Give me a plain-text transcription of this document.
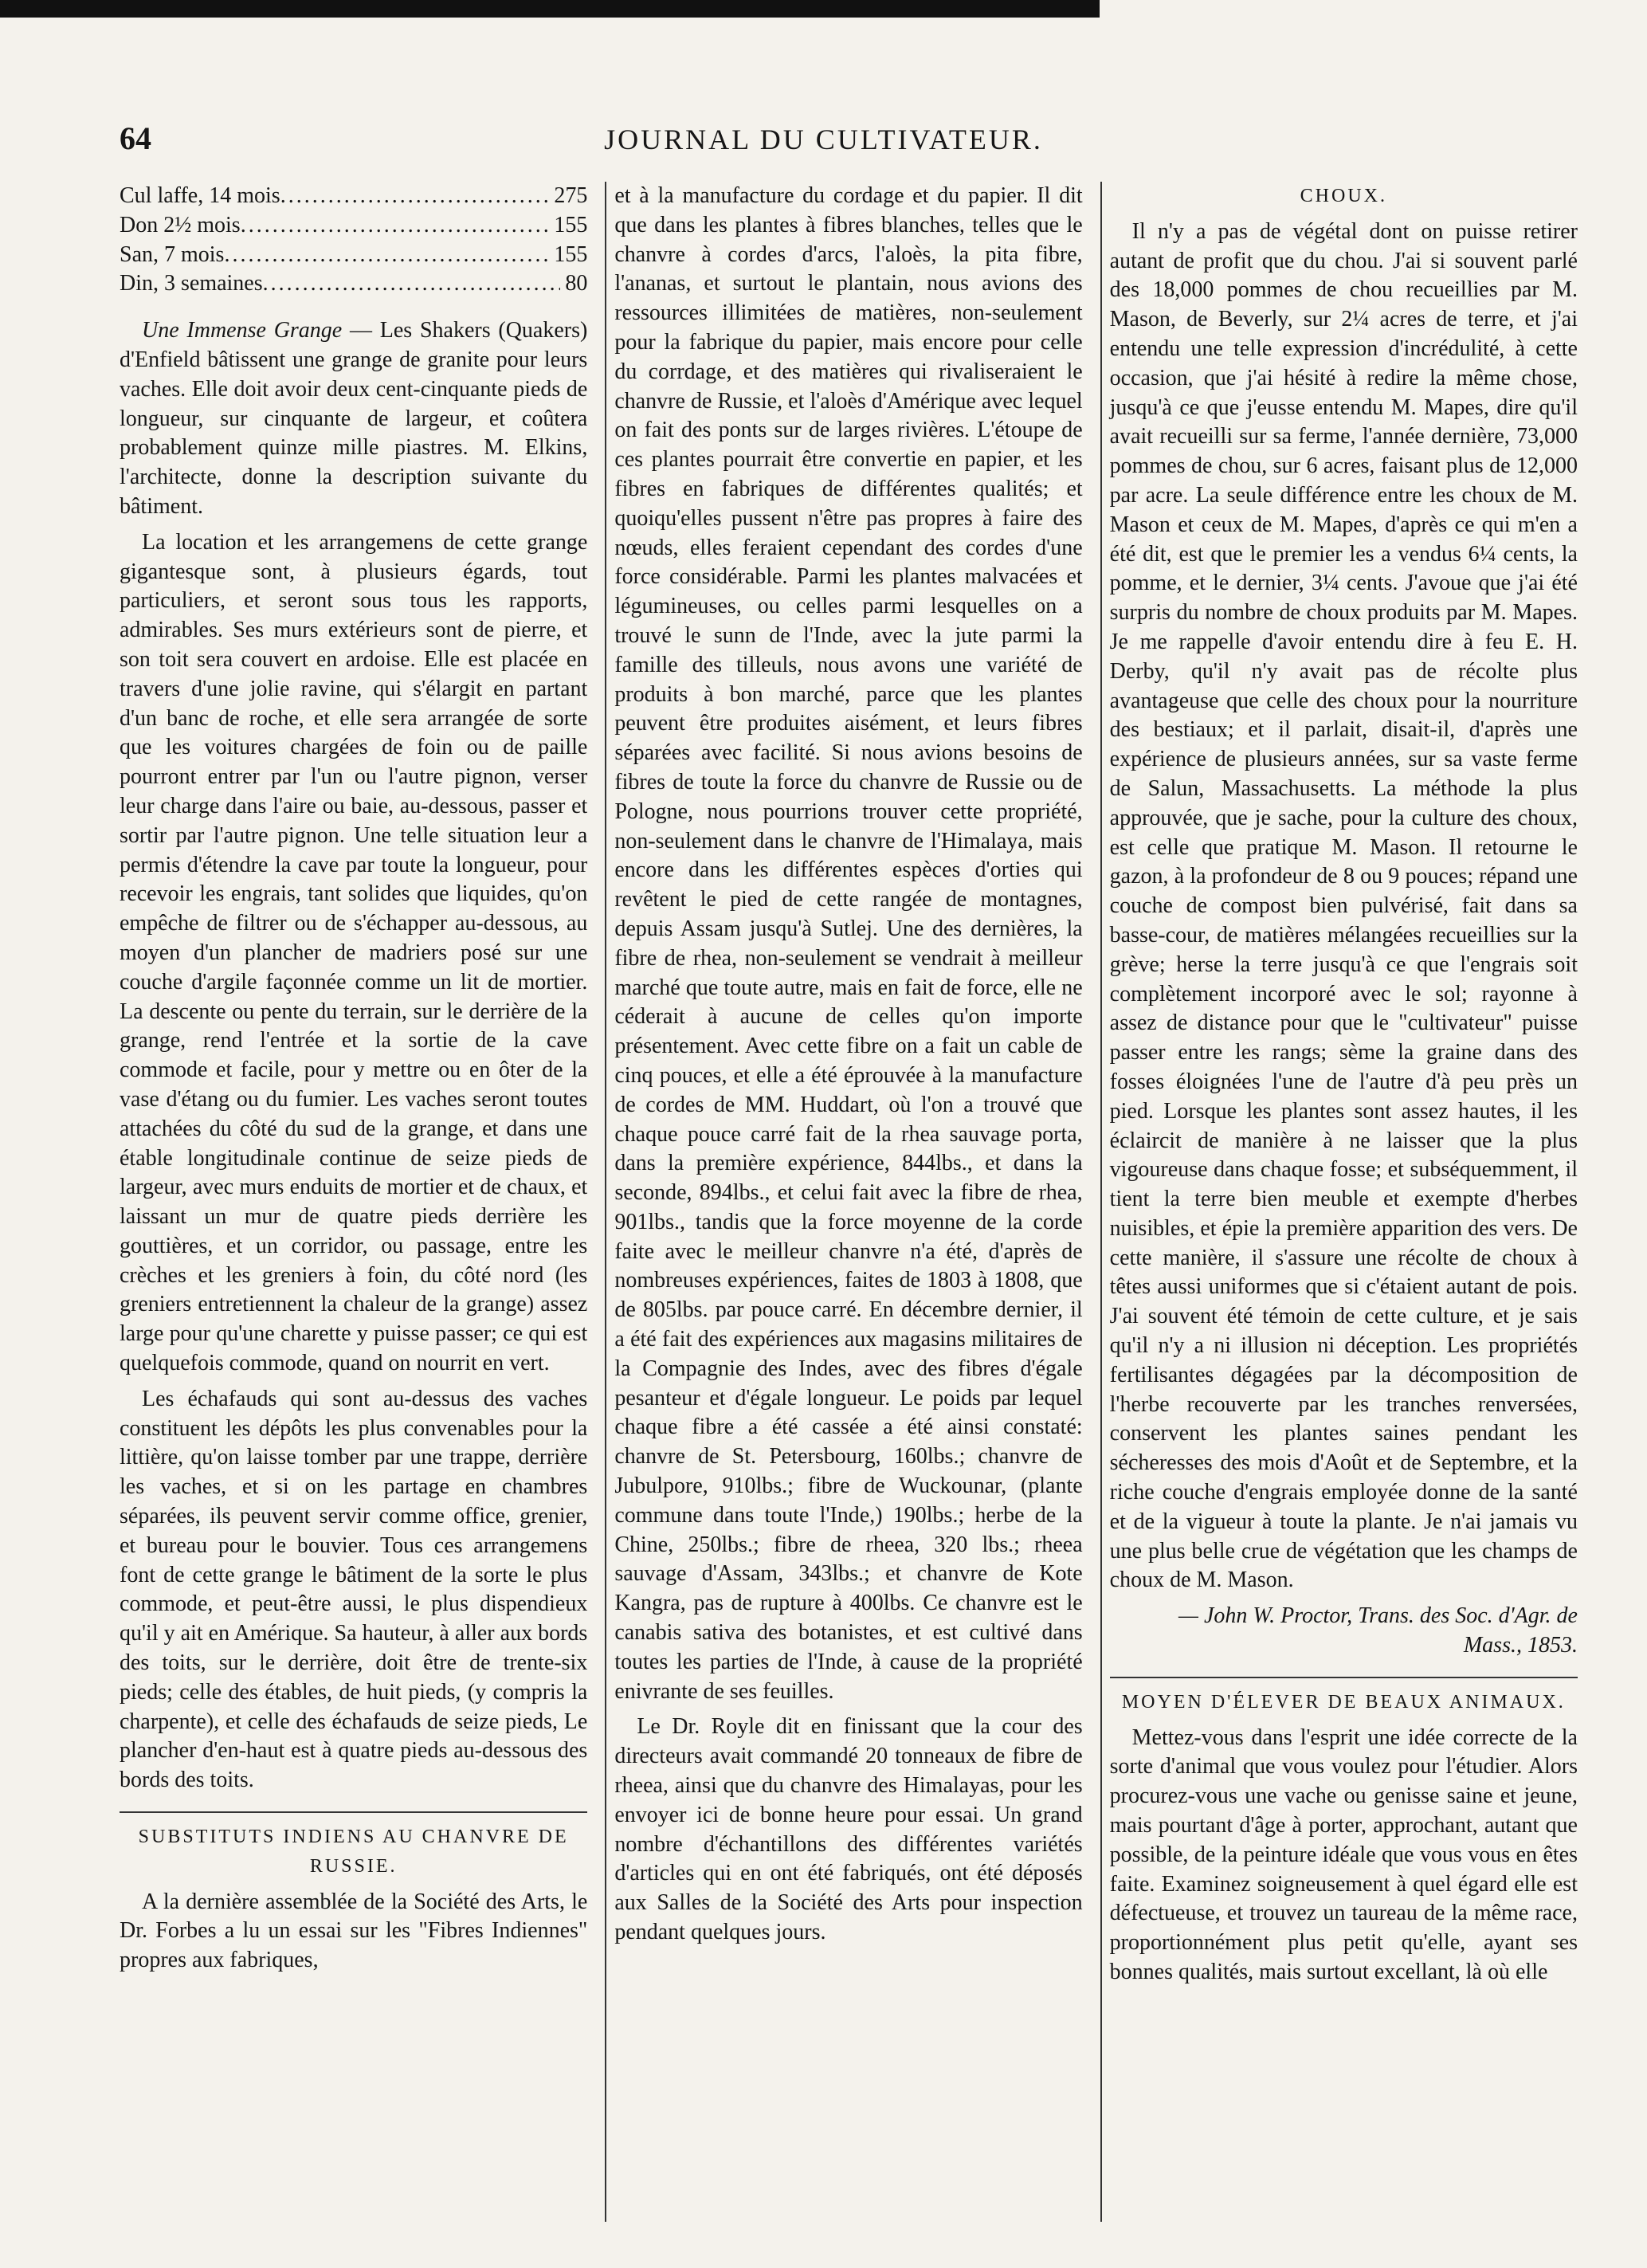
64	JOURNAL DU CULTIVATEUR.
Cul laffe, 14 mois .....	275
Don 2½ mois .....	155
San, 7 mois .....	155
Din, 3 semaines .....	80

Une Immense Grange — Les Shakers (Quakers) d'Enfield bâtissent une grange de granite pour leurs vaches. Elle doit avoir deux cent-cinquante pieds de longueur, sur cinquante de largeur, et coûtera probablement quinze mille piastres. M. Elkins, l'architecte, donne la description suivante du bâtiment.

La location et les arrangemens de cette grange gigantesque sont, à plusieurs égards, tout particuliers, et seront sous tous les rapports, admirables. Ses murs extérieurs sont de pierre, et son toit sera couvert en ardoise. Elle est placée en travers d'une jolie ravine, qui s'élargit en partant d'un banc de roche, et elle sera arrangée de sorte que les voitures chargées de foin ou de paille pourront entrer par l'un ou l'autre pignon, verser leur charge dans l'aire ou baie, au-dessous, passer et sortir par l'autre pignon. Une telle situation leur a permis d'étendre la cave par toute la longueur, pour recevoir les engrais, tant solides que liquides, qu'on empêche de filtrer ou de s'échapper au-dessous, au moyen d'un plancher de madriers posé sur une couche d'argile façonnée comme un lit de mortier. La descente ou pente du terrain, sur le derrière de la grange, rend l'entrée et la sortie de la cave commode et facile, pour y mettre ou en ôter de la vase d'étang ou du fumier. Les vaches seront toutes attachées du côté du sud de la grange, et dans une étable longitudinale continue de seize pieds de largeur, avec murs enduits de mortier et de chaux, et laissant un mur de quatre pieds derrière les gouttières, et un corridor, ou passage, entre les crèches et les greniers à foin, du côté nord (les greniers entretiennent la chaleur de la grange) assez large pour qu'une charette y puisse passer; ce qui est quelquefois commode, quand on nourrit en vert.

Les échafauds qui sont au-dessus des vaches constituent les dépôts les plus convenables pour la littière, qu'on laisse tomber par une trappe, derrière les vaches, et si on les partage en chambres séparées, ils peuvent servir comme office, grenier, et bureau pour le bouvier. Tous ces arrangemens font de cette grange le bâtiment de la sorte le plus commode, et peut-être aussi, le plus dispendieux qu'il y ait en Amérique. Sa hauteur, à aller aux bords des toits, sur le derrière, doit être de trente-six pieds; celle des étables, de huit pieds, (y compris la charpente), et celle des échafauds de seize pieds, Le plancher d'en-haut est à quatre pieds au-dessous des bords des toits.

SUBSTITUTS INDIENS AU CHANVRE DE RUSSIE.

A la dernière assemblée de la Société des Arts, le Dr. Forbes a lu un essai sur les "Fibres Indiennes" propres aux fabriques,

et à la manufacture du cordage et du papier. Il dit que dans les plantes à fibres blanches, telles que le chanvre à cordes d'arcs, l'aloès, la pita fibre, l'ananas, et surtout le plantain, nous avions des ressources illimitées de matières, non-seulement pour la fabrique du papier, mais encore pour celle du corrdage, et des matières qui rivaliseraient le chanvre de Russie, et l'aloès d'Amérique avec lequel on fait des ponts sur de larges rivières. L'étoupe de ces plantes pourrait être convertie en papier, et les fibres en fabriques de différentes qualités; et quoiqu'elles pussent n'être pas propres à faire des nœuds, elles feraient cependant des cordes d'une force considérable. Parmi les plantes malvacées et légumineuses, ou celles parmi lesquelles on a trouvé le sunn de l'Inde, avec la jute parmi la famille des tilleuls, nous avons une variété de produits à bon marché, parce que les plantes peuvent être produites aisément, et leurs fibres séparées avec facilité. Si nous avions besoins de fibres de toute la force du chanvre de Russie ou de Pologne, nous pourrions trouver cette propriété, non-seulement dans le chanvre de l'Himalaya, mais encore dans les différentes espèces d'orties qui revêtent le pied de cette rangée de montagnes, depuis Assam jusqu'à Sutlej. Une des dernières, la fibre de rhea, non-seulement se vendrait à meilleur marché que toute autre, mais en fait de force, elle ne céderait à aucune de celles qu'on importe présentement. Avec cette fibre on a fait un cable de cinq pouces, et elle a été éprouvée à la manufacture de cordes de MM. Huddart, où l'on a trouvé que chaque pouce carré fait de la rhea sauvage porta, dans la première expérience, 844lbs., et dans la seconde, 894lbs., et celui fait avec la fibre de rhea, 901lbs., tandis que la force moyenne de la corde faite avec le meilleur chanvre n'a été, d'après de nombreuses expériences, faites de 1803 à 1808, que de 805lbs. par pouce carré. En décembre dernier, il a été fait des expériences aux magasins militaires de la Compagnie des Indes, avec des fibres d'égale pesanteur et d'égale longueur. Le poids par lequel chaque fibre a été cassée a été ainsi constaté: chanvre de St. Petersbourg, 160lbs.; chanvre de Jubulpore, 910lbs.; fibre de Wuckounar, (plante commune dans toute l'Inde,) 190lbs.; herbe de la Chine, 250lbs.; fibre de rheea, 320 lbs.; rheea sauvage d'Assam, 343lbs.; et chanvre de Kote Kangra, pas de rupture à 400lbs. Ce chanvre est le canabis sativa des botanistes, et est cultivé dans toutes les parties de l'Inde, à cause de la propriété enivrante de ses feuilles.

Le Dr. Royle dit en finissant que la cour des directeurs avait commandé 20 tonneaux de fibre de rheea, ainsi que du chanvre des Himalayas, pour les envoyer ici de bonne heure pour essai. Un grand nombre d'échantillons des différentes variétés d'articles qui en ont été fabriqués, ont été déposés aux Salles de la Société des Arts pour inspection pendant quelques jours.

CHOUX.

Il n'y a pas de végétal dont on puisse retirer autant de profit que du chou. J'ai si souvent parlé des 18,000 pommes de chou recueillies par M. Mason, de Beverly, sur 2¼ acres de terre, et j'ai entendu une telle expression d'incrédulité, à cette occasion, que j'ai hésité à redire la même chose, jusqu'à ce que j'eusse entendu M. Mapes, dire qu'il avait recueilli sur sa ferme, l'année dernière, 73,000 pommes de chou, sur 6 acres, faisant plus de 12,000 par acre. La seule différence entre les choux de M. Mason et ceux de M. Mapes, d'après ce qui m'en a été dit, est que le premier les a vendus 6¼ cents, la pomme, et le dernier, 3¼ cents. J'avoue que j'ai été surpris du nombre de choux produits par M. Mapes. Je me rappelle d'avoir entendu dire à feu E. H. Derby, qu'il n'y avait pas de récolte plus avantageuse que celle des choux pour la nourriture des bestiaux; et il parlait, disait-il, d'après une expérience de plusieurs années, sur sa vaste ferme de Salun, Massachusetts. La méthode la plus approuvée, que je sache, pour la culture des choux, est celle que pratique M. Mason. Il retourne le gazon, à la profondeur de 8 ou 9 pouces; répand une couche de compost bien pulvérisé, fait dans sa basse-cour, de matières mélangées recueillies sur la grève; herse la terre jusqu'à ce que l'engrais soit complètement incorporé avec le sol; rayonne à assez de distance pour que le "cultivateur" puisse passer entre les rangs; sème la graine dans des fosses éloignées l'une de l'autre d'à peu près un pied. Lorsque les plantes sont assez hautes, il les éclaircit de manière à ne laisser que la plus vigoureuse dans chaque fosse; et subséquemment, il tient la terre bien meuble et exempte d'herbes nuisibles, et épie la première apparition des vers. De cette manière, il s'assure une récolte de choux à têtes aussi uniformes que si c'étaient autant de pois. J'ai souvent été témoin de cette culture, et je sais qu'il n'y a ni illusion ni déception. Les propriétés fertilisantes dégagées par la décomposition de l'herbe recouverte par les tranches renversées, conservent les plantes saines pendant les sécheresses des mois d'Août et de Septembre, et la riche couche d'engrais employée donne de la santé et de la vigueur à toute la plante. Je n'ai jamais vu une plus belle crue de végétation que les champs de choux de M. Mason.

— John W. Proctor, Trans. des Soc. d'Agr. de Mass., 1853.

MOYEN D'ÉLEVER DE BEAUX ANIMAUX.

Mettez-vous dans l'esprit une idée correcte de la sorte d'animal que vous voulez pour l'étudier. Alors procurez-vous une vache ou genisse saine et jeune, mais pourtant d'âge à porter, approchant, autant que possible, de la peinture idéale que vous vous en êtes faite. Examinez soigneusement à quel égard elle est défectueuse, et trouvez un taureau de la même race, proportionnément plus petit qu'elle, ayant ses bonnes qualités, mais surtout excellant, là où elle
